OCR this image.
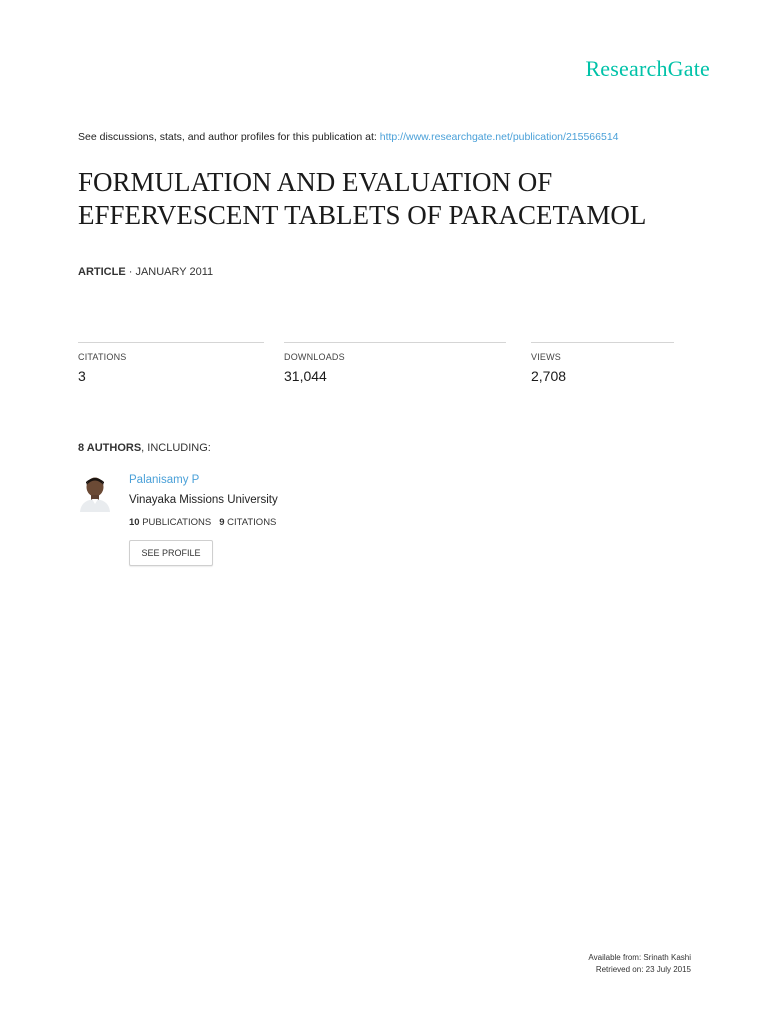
ResearchGate
See discussions, stats, and author profiles for this publication at: http://www.researchgate.net/publication/215566514
FORMULATION AND EVALUATION OF
EFFERVESCENT TABLETS OF PARACETAMOL
ARTICLE · JANUARY 2011
CITATIONS
3
DOWNLOADS
31,044
VIEWS
2,708
8 AUTHORS, INCLUDING:
Palanisamy P
Vinayaka Missions University
10 PUBLICATIONS 9 CITATIONS
SEE PROFILE
Available from: Srinath Kashi
Retrieved on: 23 July 2015
